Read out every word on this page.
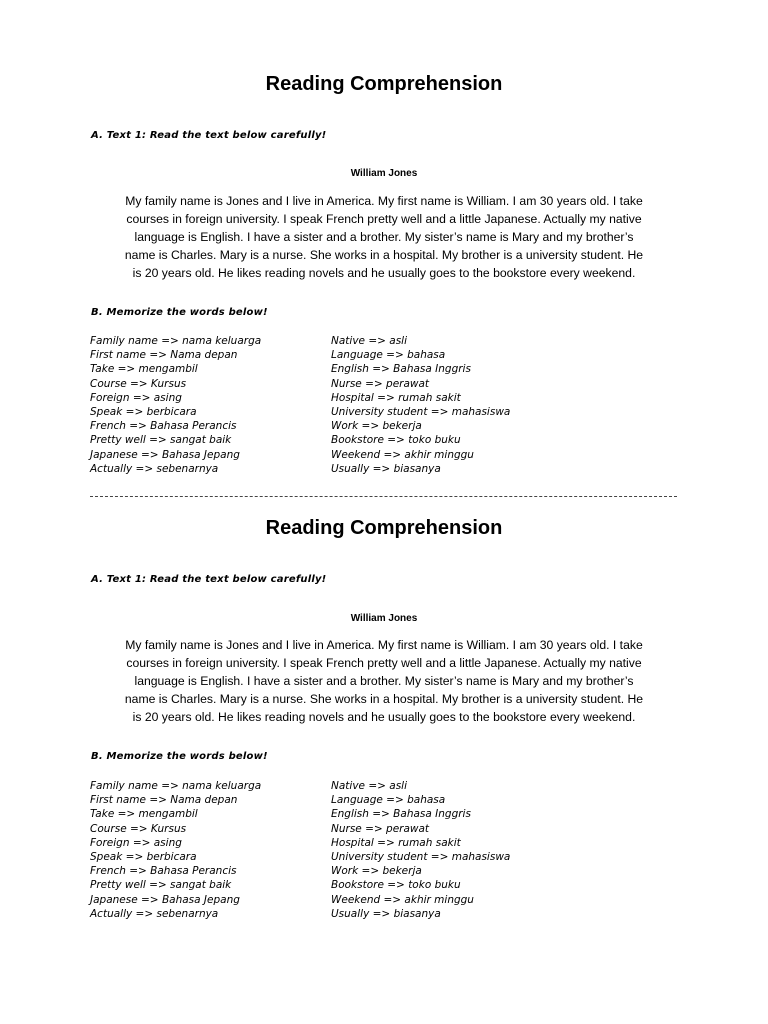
Reading Comprehension
A. Text 1: Read the text below carefully!
William Jones
My family name is Jones and I live in America. My first name is William. I am 30 years old. I take
courses in foreign university. I speak French pretty well and a little Japanese. Actually my native
language is English. I have a sister and a brother. My sister’s name is Mary and my brother’s
name is Charles. Mary is a nurse. She works in a hospital. My brother is a university student. He
is 20 years old. He likes reading novels and he usually goes to the bookstore every weekend.
B. Memorize the words below!
Family name => nama keluarga
First name => Nama depan
Take => mengambil
Course => Kursus
Foreign => asing
Speak => berbicara
French => Bahasa Perancis
Pretty well => sangat baik
Japanese => Bahasa Jepang
Actually => sebenarnya
Native => asli
Language => bahasa
English => Bahasa Inggris
Nurse => perawat
Hospital => rumah sakit
University student => mahasiswa
Work => bekerja
Bookstore => toko buku
Weekend => akhir minggu
Usually => biasanya
Reading Comprehension
A. Text 1: Read the text below carefully!
William Jones
My family name is Jones and I live in America. My first name is William. I am 30 years old. I take
courses in foreign university. I speak French pretty well and a little Japanese. Actually my native
language is English. I have a sister and a brother. My sister’s name is Mary and my brother’s
name is Charles. Mary is a nurse. She works in a hospital. My brother is a university student. He
is 20 years old. He likes reading novels and he usually goes to the bookstore every weekend.
B. Memorize the words below!
Family name => nama keluarga
First name => Nama depan
Take => mengambil
Course => Kursus
Foreign => asing
Speak => berbicara
French => Bahasa Perancis
Pretty well => sangat baik
Japanese => Bahasa Jepang
Actually => sebenarnya
Native => asli
Language => bahasa
English => Bahasa Inggris
Nurse => perawat
Hospital => rumah sakit
University student => mahasiswa
Work => bekerja
Bookstore => toko buku
Weekend => akhir minggu
Usually => biasanya
